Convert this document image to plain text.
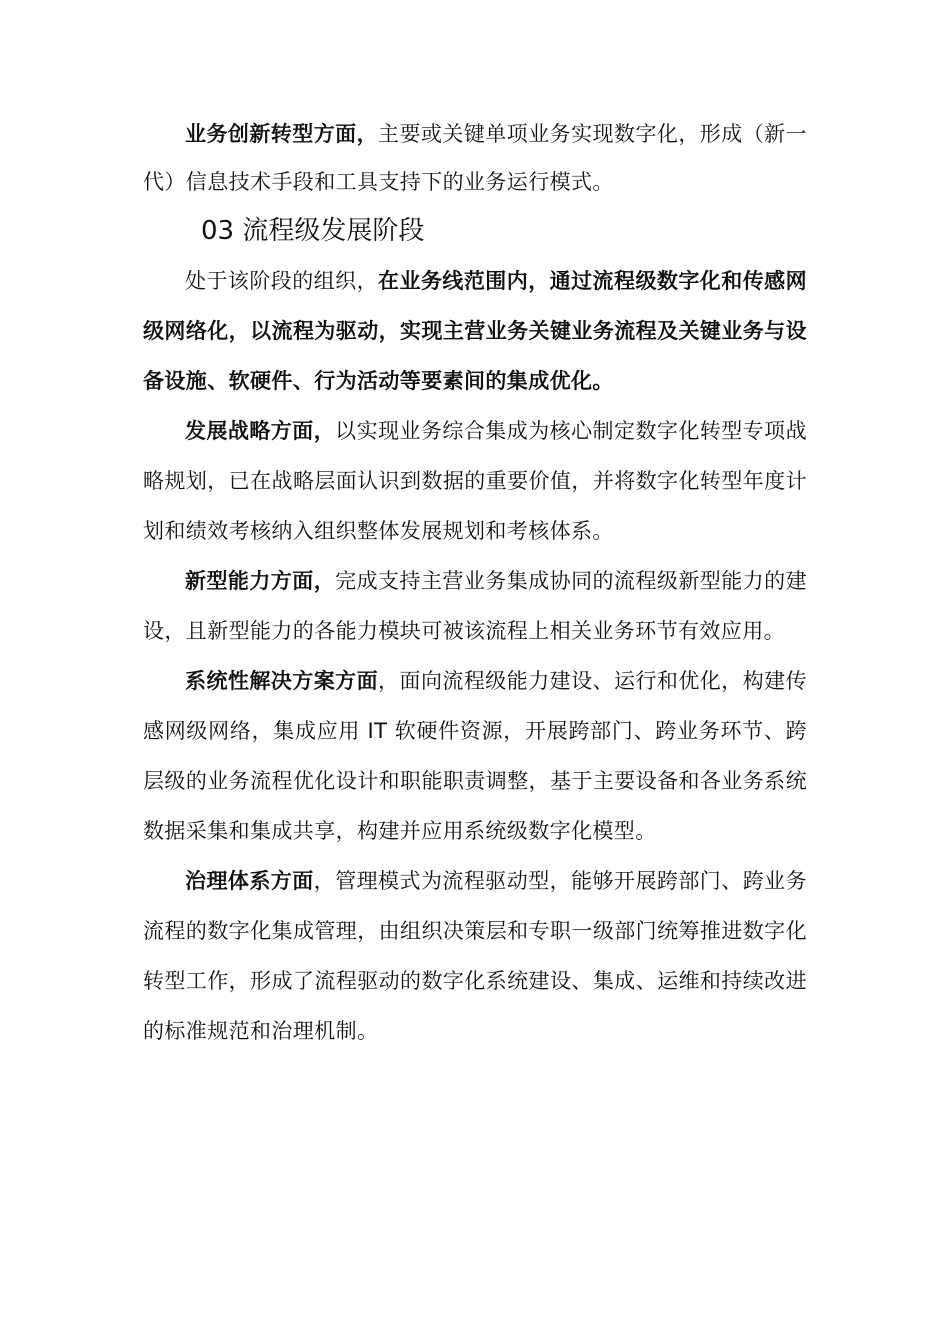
业务创新转型方面，主要或关键单项业务实现数字化，形成（新一代）信息技术手段和工具支持下的业务运行模式。

03 流程级发展阶段

处于该阶段的组织，在业务线范围内，通过流程级数字化和传感网级网络化，以流程为驱动，实现主营业务关键业务流程及关键业务与设备设施、软硬件、行为活动等要素间的集成优化。

发展战略方面，以实现业务综合集成为核心制定数字化转型专项战略规划，已在战略层面认识到数据的重要价值，并将数字化转型年度计划和绩效考核纳入组织整体发展规划和考核体系。

新型能力方面，完成支持主营业务集成协同的流程级新型能力的建设，且新型能力的各能力模块可被该流程上相关业务环节有效应用。

系统性解决方案方面，面向流程级能力建设、运行和优化，构建传感网级网络，集成应用 IT 软硬件资源，开展跨部门、跨业务环节、跨层级的业务流程优化设计和职能职责调整，基于主要设备和各业务系统数据采集和集成共享，构建并应用系统级数字化模型。

治理体系方面，管理模式为流程驱动型，能够开展跨部门、跨业务流程的数字化集成管理，由组织决策层和专职一级部门统筹推进数字化转型工作，形成了流程驱动的数字化系统建设、集成、运维和持续改进的标准规范和治理机制。
